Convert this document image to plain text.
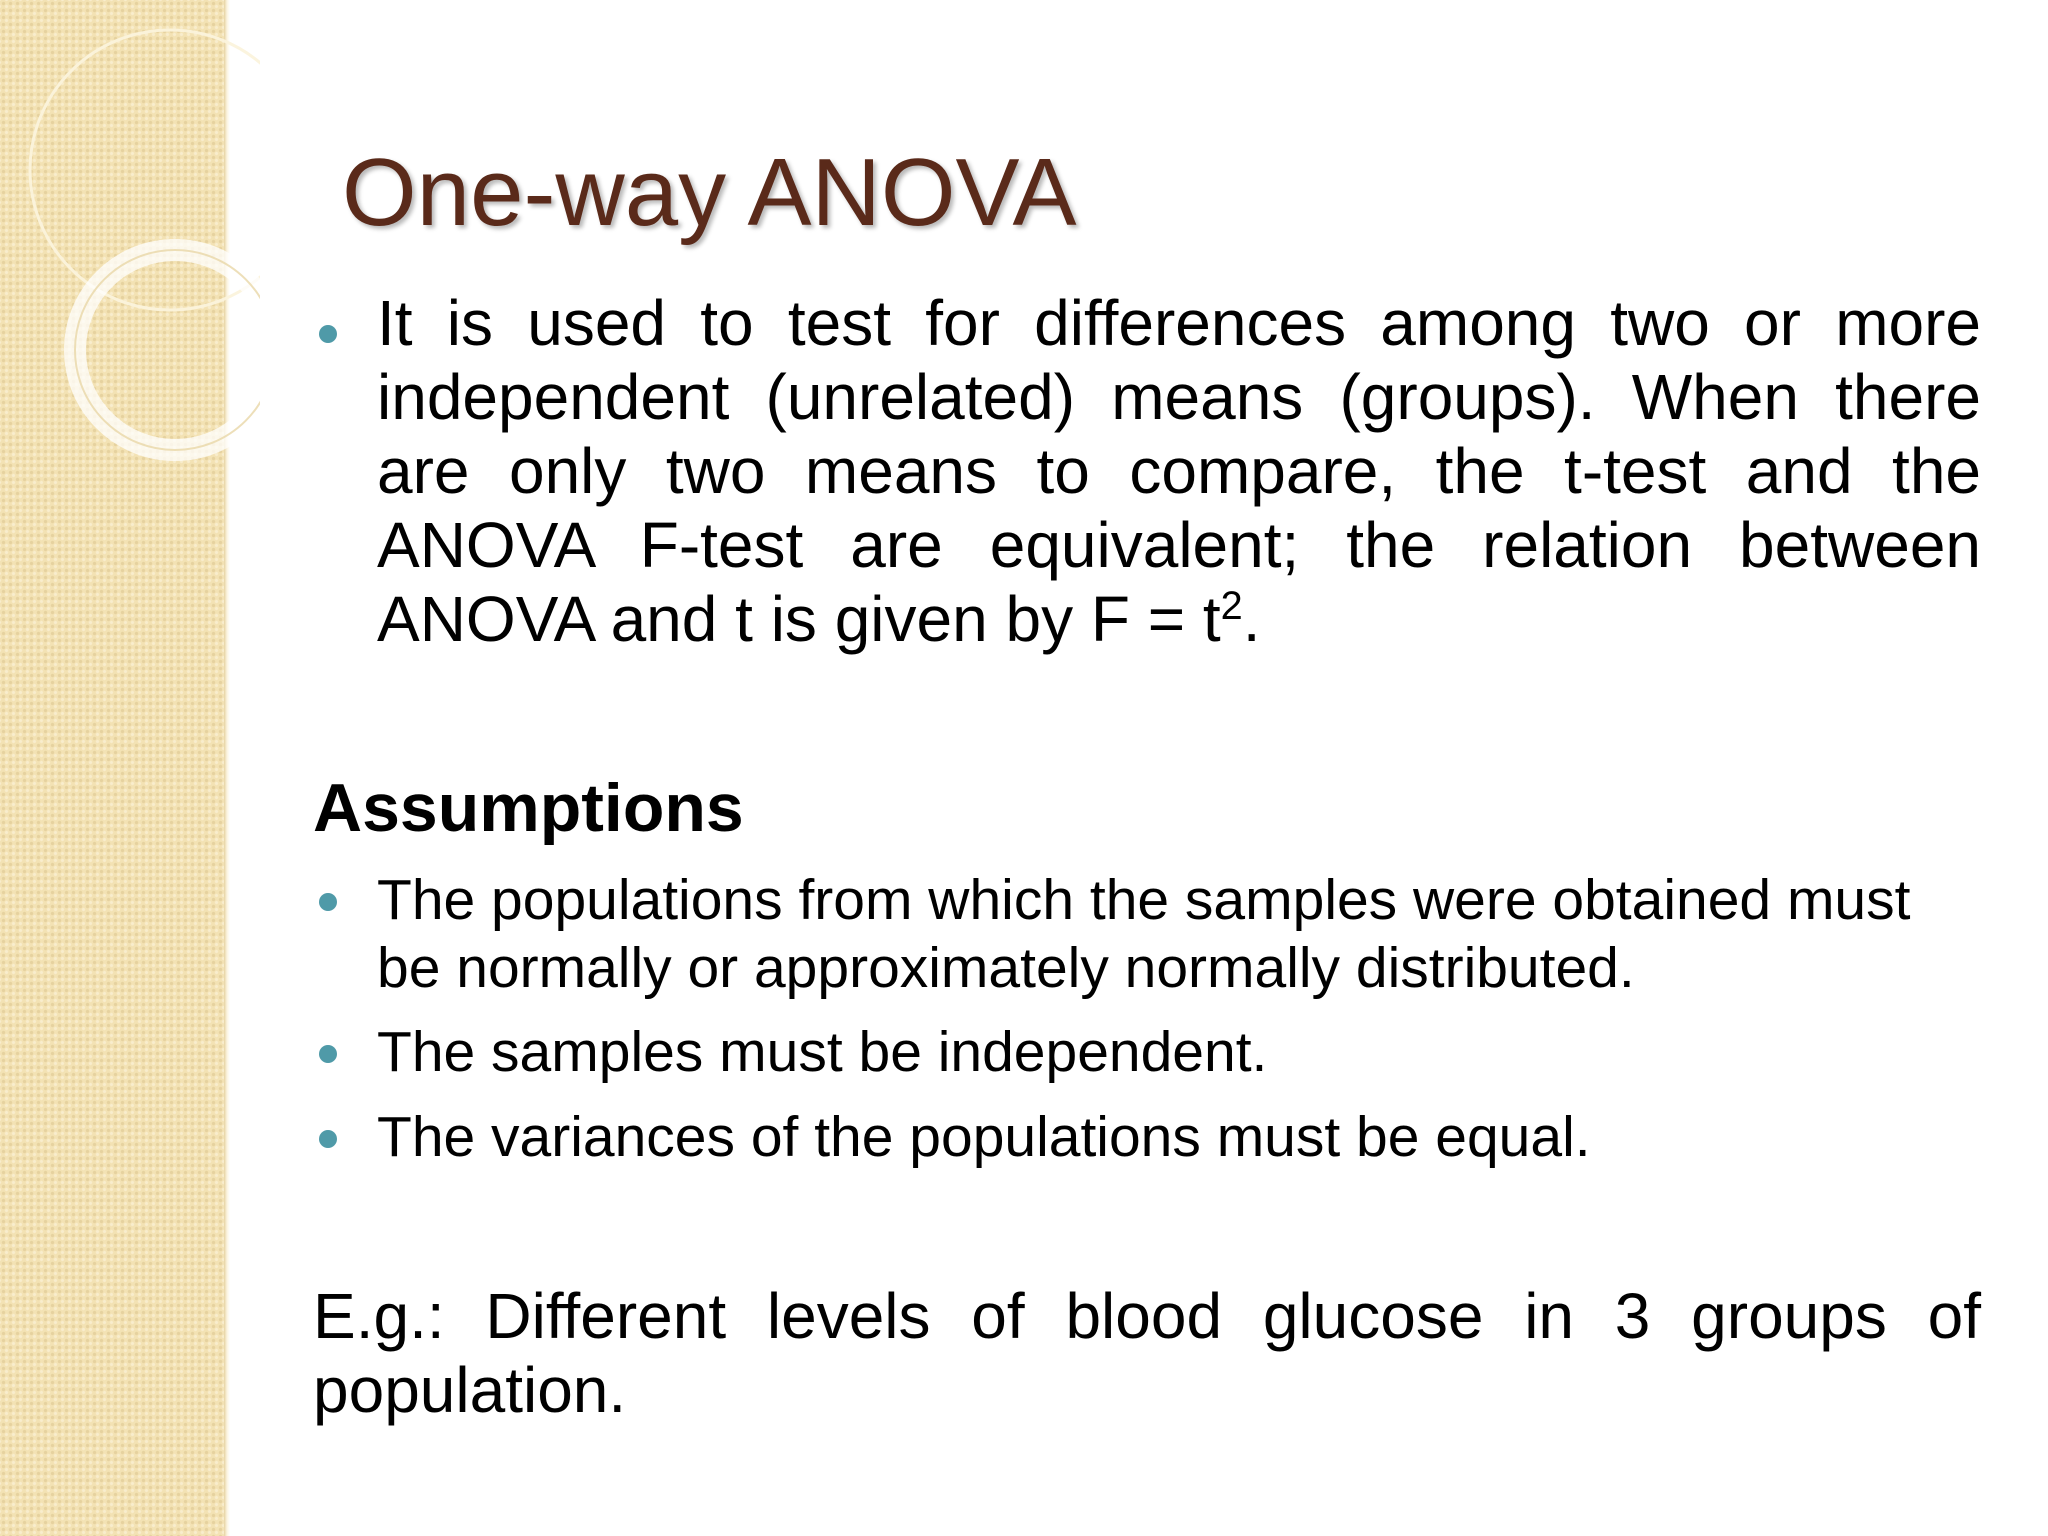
One-way ANOVA

It is used to test for differences among two or more independent (unrelated) means (groups). When there are only two means to compare, the t-test and the ANOVA F-test are equivalent; the relation between ANOVA and t is given by $F = t^2$.

Assumptions

The populations from which the samples were obtained must be normally or approximately normally distributed.

The samples must be independent.

The variances of the populations must be equal.

E.g.: Different levels of blood glucose in 3 groups of population.
